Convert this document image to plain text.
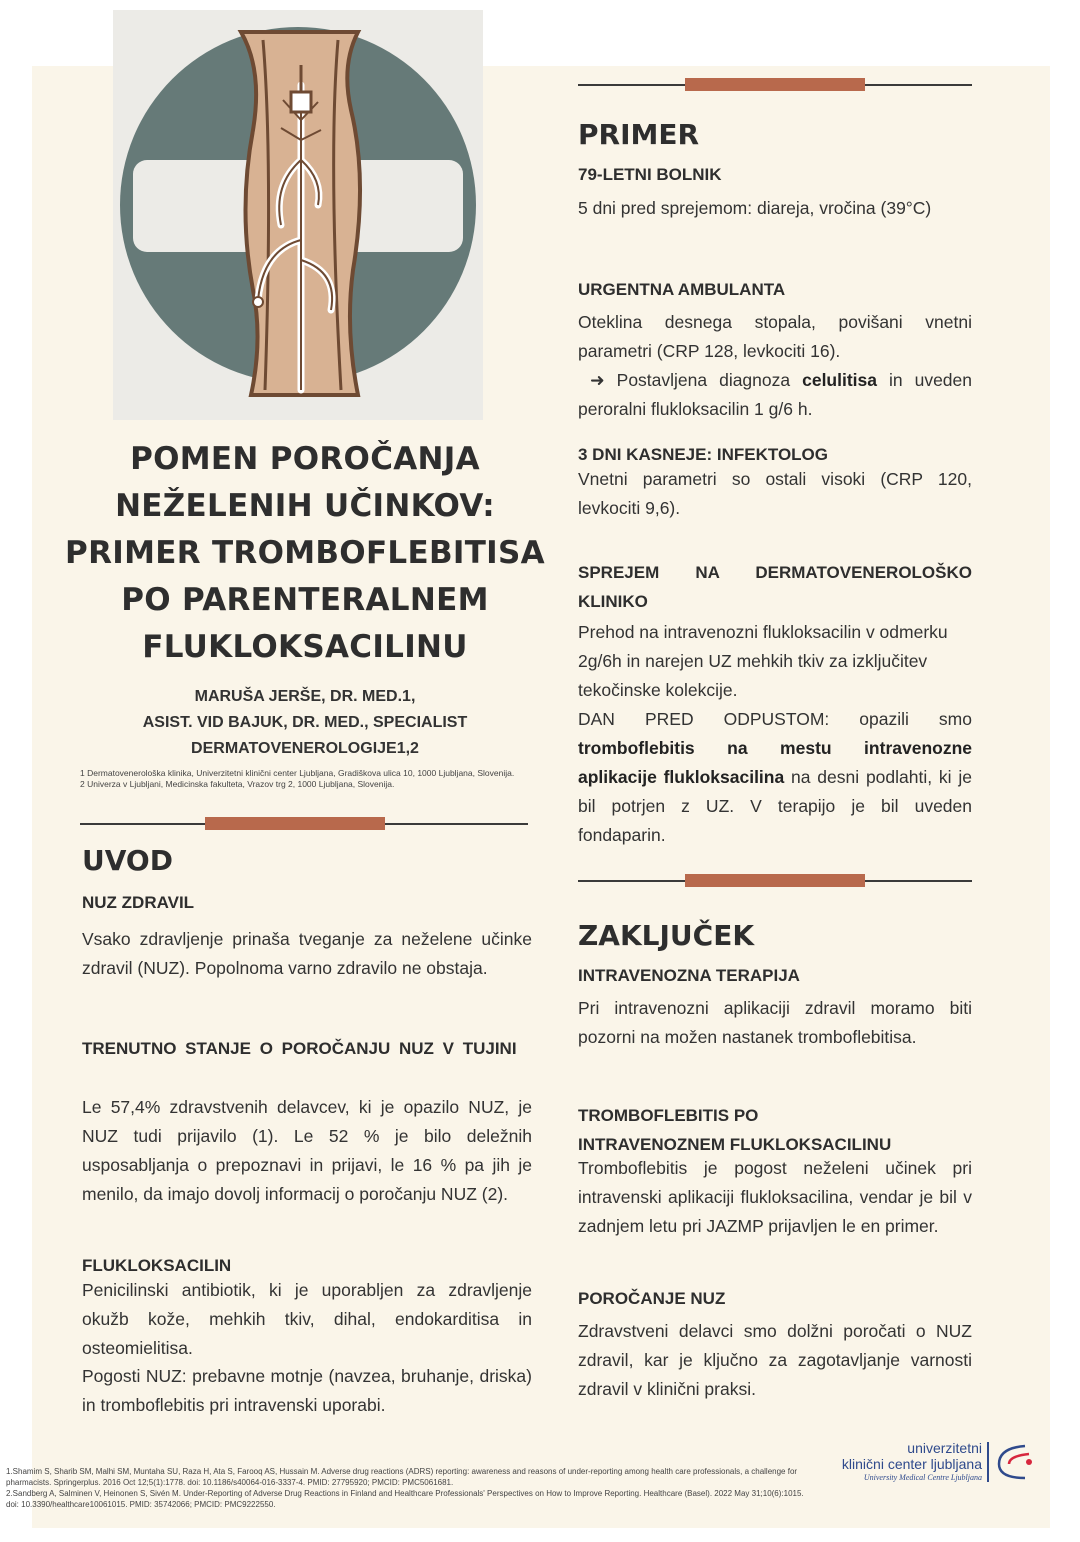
POMEN POROČANJA
NEŽELENIH UČINKOV:
PRIMER TROMBOFLEBITISA
PO PARENTERALNEM
FLUKLOKSACILINU
MARUŠA JERŠE, DR. MED.1,
ASIST. VID BAJUK, DR. MED., SPECIALIST
DERMATOVENEROLOGIJE1,2
1 Dermatovenerološka klinika, Univerzitetni klinični center Ljubljana, Gradiškova ulica 10, 1000 Ljubljana, Slovenija.
2 Univerza v Ljubljani, Medicinska fakulteta, Vrazov trg 2, 1000 Ljubljana, Slovenija.
UVOD
NUZ ZDRAVIL
Vsako zdravljenje prinaša tveganje za neželene učinke zdravil (NUZ). Popolnoma varno zdravilo ne obstaja.
TRENUTNO STANJE O POROČANJU NUZ V TUJINI
Le 57,4% zdravstvenih delavcev, ki je opazilo NUZ, je NUZ tudi prijavilo (1). Le 52 % je bilo deležnih usposabljanja o prepoznavi in prijavi, le 16 % pa jih je menilo, da imajo dovolj informacij o poročanju NUZ (2).
FLUKLOKSACILIN
Penicilinski antibiotik, ki je uporabljen za zdravljenje okužb kože, mehkih tkiv, dihal, endokarditisa in osteomielitisa.
Pogosti NUZ: prebavne motnje (navzea, bruhanje, driska) in tromboflebitis pri intravenski uporabi.
PRIMER
79-LETNI BOLNIK
5 dni pred sprejemom: diareja, vročina (39°C)
URGENTNA AMBULANTA
Oteklina desnega stopala, povišani vnetni parametri (CRP 128, levkociti 16).
➜ Postavljena diagnoza celulitisa in uveden peroralni flukloksacilin 1 g/6 h.
3 DNI KASNEJE: INFEKTOLOG
Vnetni parametri so ostali visoki (CRP 120, levkociti 9,6).
SPREJEM NA DERMATOVENEROLOŠKO KLINIKO
Prehod na intravenozni flukloksacilin v odmerku 2g/6h in narejen UZ mehkih tkiv za izključitev tekočinske kolekcije.
DAN PRED ODPUSTOM: opazili smo tromboflebitis na mestu intravenozne aplikacije flukloksacilina na desni podlahti, ki je bil potrjen z UZ. V terapijo je bil uveden fondaparin.
ZAKLJUČEK
INTRAVENOZNA TERAPIJA
Pri intravenozni aplikaciji zdravil moramo biti pozorni na možen nastanek tromboflebitisa.
TROMBOFLEBITIS PO
INTRAVENOZNEM FLUKLOKSACILINU
Tromboflebitis je pogost neželeni učinek pri intravenski aplikaciji flukloksacilina, vendar je bil v zadnjem letu pri JAZMP prijavljen le en primer.
POROČANJE NUZ
Zdravstveni delavci smo dolžni poročati o NUZ zdravil, kar je ključno za zagotavljanje varnosti zdravil v klinični praksi.
1.Shamim S, Sharib SM, Malhi SM, Muntaha SU, Raza H, Ata S, Farooq AS, Hussain M. Adverse drug reactions (ADRS) reporting: awareness and reasons of under-reporting among health care professionals, a challenge for pharmacists. Springerplus. 2016 Oct 12;5(1):1778. doi: 10.1186/s40064-016-3337-4. PMID: 27795920; PMCID: PMC5061681.
2.Sandberg A, Salminen V, Heinonen S, Sivén M. Under-Reporting of Adverse Drug Reactions in Finland and Healthcare Professionals' Perspectives on How to Improve Reporting. Healthcare (Basel). 2022 May 31;10(6):1015. doi: 10.3390/healthcare10061015. PMID: 35742066; PMCID: PMC9222550.
univerzitetni
klinični center ljubljana
University Medical Centre Ljubljana
